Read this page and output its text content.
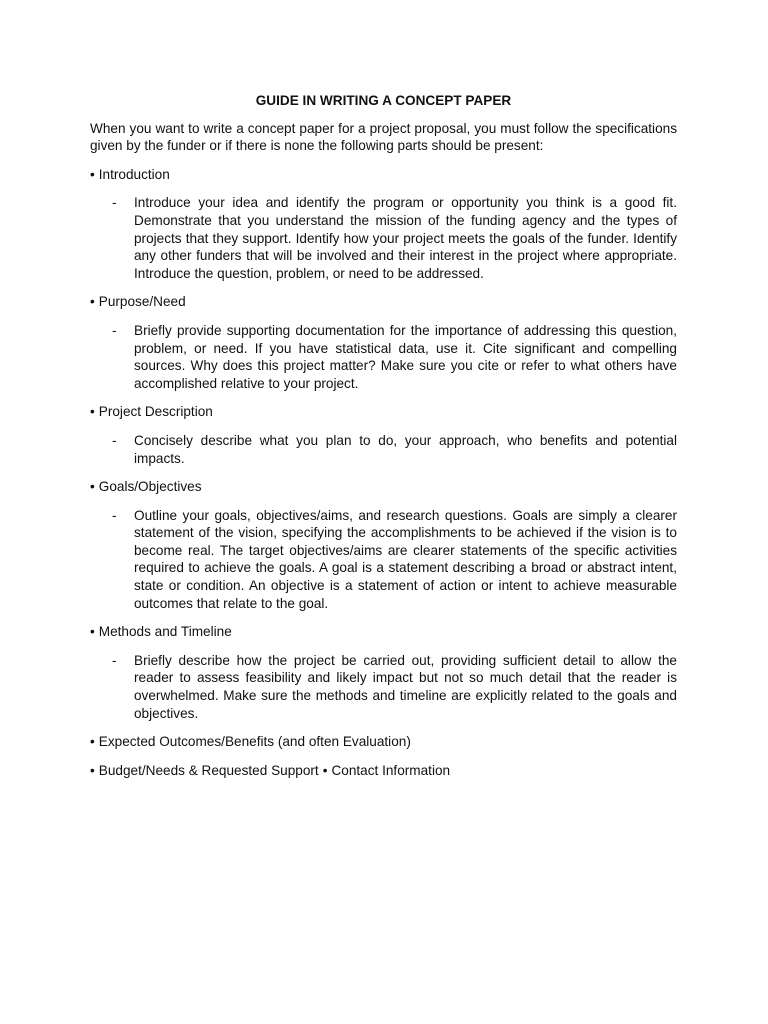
GUIDE IN WRITING A CONCEPT PAPER
When you want to write a concept paper for a project proposal, you must follow the specifications given by the funder or if there is none the following parts should be present:
• Introduction
-	Introduce your idea and identify the program or opportunity you think is a good fit. Demonstrate that you understand the mission of the funding agency and the types of projects that they support. Identify how your project meets the goals of the funder. Identify any other funders that will be involved and their interest in the project where appropriate. Introduce the question, problem, or need to be addressed.
• Purpose/Need
-	Briefly provide supporting documentation for the importance of addressing this question, problem, or need. If you have statistical data, use it. Cite significant and compelling sources. Why does this project matter? Make sure you cite or refer to what others have accomplished relative to your project.
• Project Description
-	Concisely describe what you plan to do, your approach, who benefits and potential impacts.
• Goals/Objectives
-	Outline your goals, objectives/aims, and research questions. Goals are simply a clearer statement of the vision, specifying the accomplishments to be achieved if the vision is to become real. The target objectives/aims are clearer statements of the specific activities required to achieve the goals. A goal is a statement describing a broad or abstract intent, state or condition. An objective is a statement of action or intent to achieve measurable outcomes that relate to the goal.
• Methods and Timeline
-	Briefly describe how the project be carried out, providing sufficient detail to allow the reader to assess feasibility and likely impact but not so much detail that the reader is overwhelmed. Make sure the methods and timeline are explicitly related to the goals and objectives.
• Expected Outcomes/Benefits (and often Evaluation)
• Budget/Needs & Requested Support • Contact Information
